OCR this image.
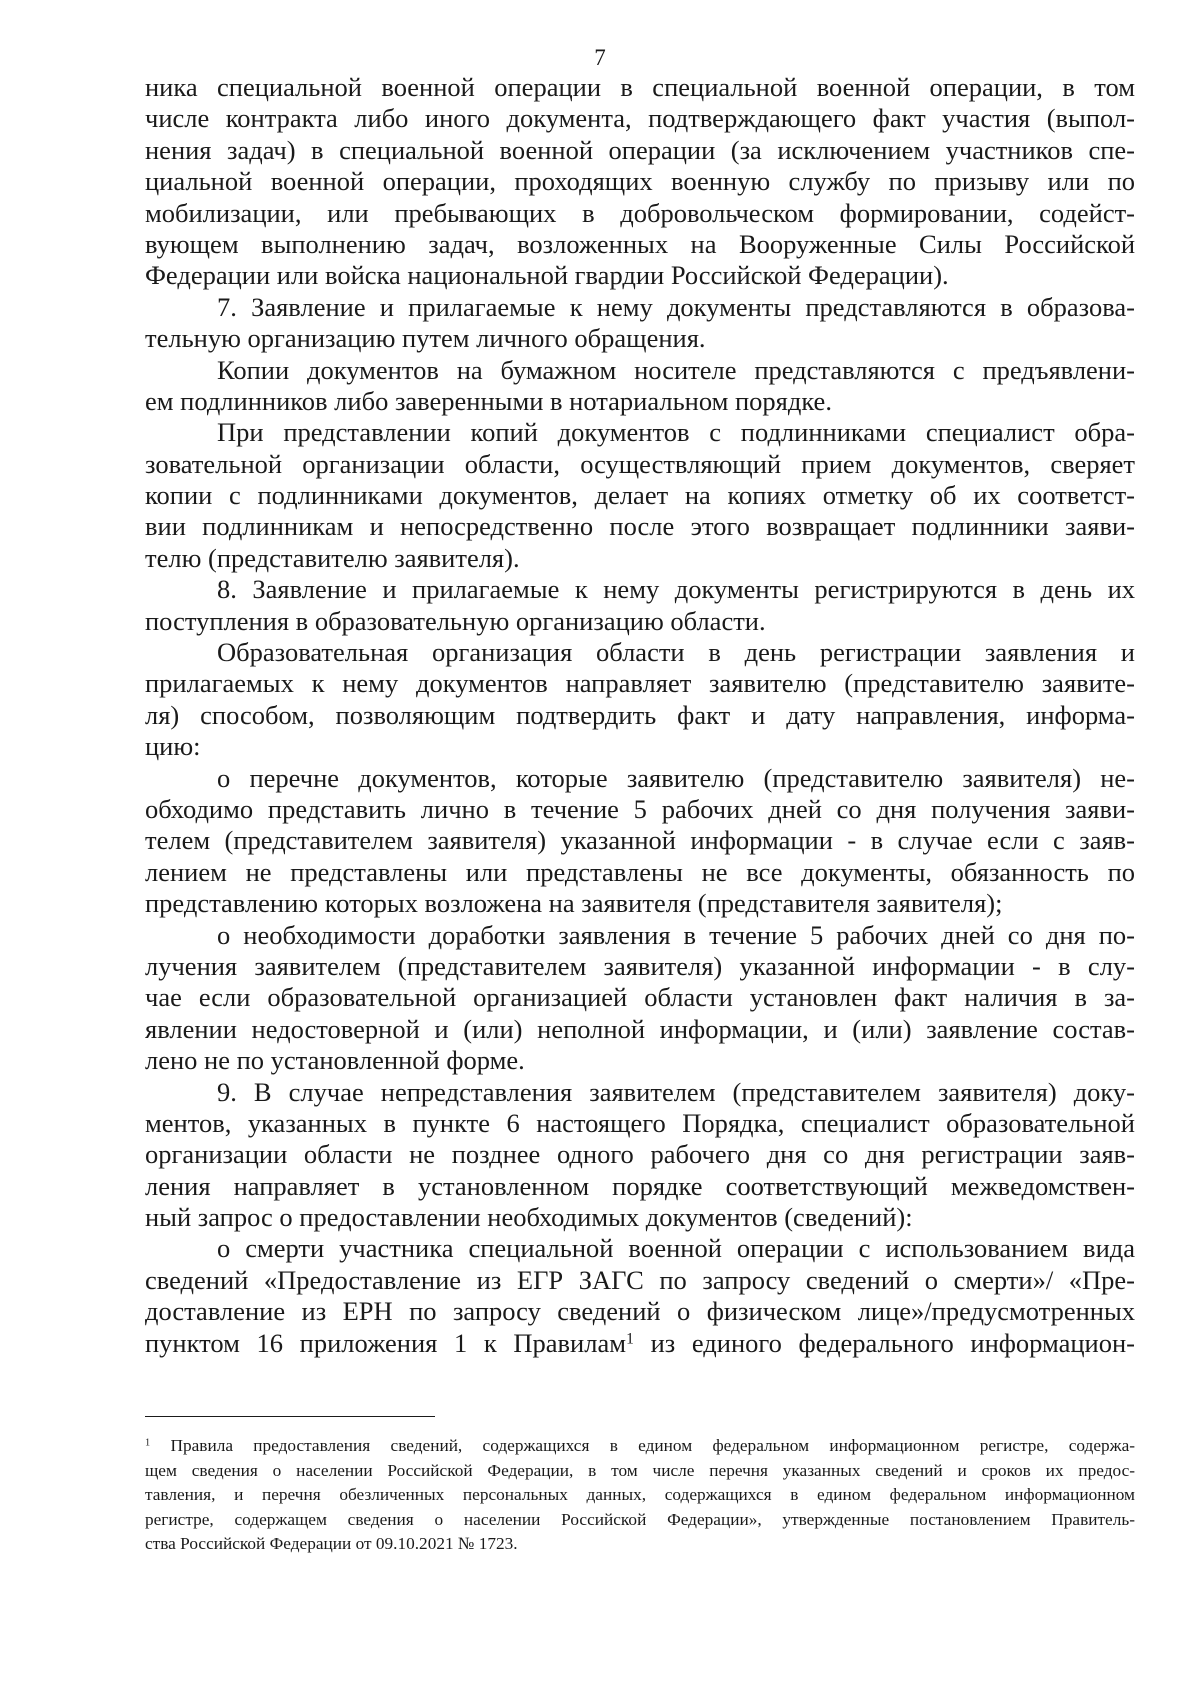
7
ника специальной военной операции в специальной военной операции, в том
числе контракта либо иного документа, подтверждающего факт участия (выпол-
нения задач) в специальной военной операции (за исключением участников спе-
циальной военной операции, проходящих военную службу по призыву или по
мобилизации, или пребывающих в добровольческом формировании, содейст-
вующем выполнению задач, возложенных на Вооруженные Силы Российской
Федерации или войска национальной гвардии Российской Федерации).
7. Заявление и прилагаемые к нему документы представляются в образова-
тельную организацию путем личного обращения.
Копии документов на бумажном носителе представляются с предъявлени-
ем подлинников либо заверенными в нотариальном порядке.
При представлении копий документов с подлинниками специалист обра-
зовательной организации области, осуществляющий прием документов, сверяет
копии с подлинниками документов, делает на копиях отметку об их соответст-
вии подлинникам и непосредственно после этого возвращает подлинники заяви-
телю (представителю заявителя).
8. Заявление и прилагаемые к нему документы регистрируются в день их
поступления в образовательную организацию области.
Образовательная организация области в день регистрации заявления и
прилагаемых к нему документов направляет заявителю (представителю заявите-
ля) способом, позволяющим подтвердить факт и дату направления, информа-
цию:
о перечне документов, которые заявителю (представителю заявителя) не-
обходимо представить лично в течение 5 рабочих дней со дня получения заяви-
телем (представителем заявителя) указанной информации - в случае если с заяв-
лением не представлены или представлены не все документы, обязанность по
представлению которых возложена на заявителя (представителя заявителя);
о необходимости доработки заявления в течение 5 рабочих дней со дня по-
лучения заявителем (представителем заявителя) указанной информации - в слу-
чае если образовательной организацией области установлен факт наличия в за-
явлении недостоверной и (или) неполной информации, и (или) заявление состав-
лено не по установленной форме.
9. В случае непредставления заявителем (представителем заявителя) доку-
ментов, указанных в пункте 6 настоящего Порядка, специалист образовательной
организации области не позднее одного рабочего дня со дня регистрации заяв-
ления направляет в установленном порядке соответствующий межведомствен-
ный запрос о предоставлении необходимых документов (сведений):
о смерти участника специальной военной операции с использованием вида
сведений «Предоставление из ЕГР ЗАГС по запросу сведений о смерти»/ «Пре-
доставление из ЕРН по запросу сведений о физическом лице»/предусмотренных
пунктом 16 приложения 1 к Правилам$^1$ из единого федерального информацион-
$^1$ Правила предоставления сведений, содержащихся в едином федеральном информационном регистре, содержа-
щем сведения о населении Российской Федерации, в том числе перечня указанных сведений и сроков их предос-
тавления, и перечня обезличенных персональных данных, содержащихся в едином федеральном информационном
регистре, содержащем сведения о населении Российской Федерации», утвержденные постановлением Правитель-
ства Российской Федерации от 09.10.2021 № 1723.
